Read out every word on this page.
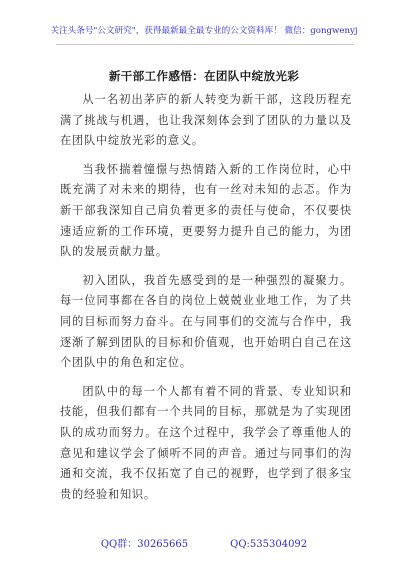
关注头条号"公文研究"，获得最新最全最专业的公文资料库！ 微信：gongwenyj
新干部工作感悟：在团队中绽放光彩

从一名初出茅庐的新人转变为新干部，这段历程充满了挑战与机遇，也让我深刻体会到了团队的力量以及在团队中绽放光彩的意义。

当我怀揣着憧憬与热情踏入新的工作岗位时，心中既充满了对未来的期待，也有一丝对未知的忐忑。作为新干部我深知自己肩负着更多的责任与使命，不仅要快速适应新的工作环境，更要努力提升自己的能力，为团队的发展贡献力量。

初入团队，我首先感受到的是一种强烈的凝聚力。每一位同事都在各自的岗位上兢兢业业地工作，为了共同的目标而努力奋斗。在与同事们的交流与合作中，我逐渐了解到团队的目标和价值观，也开始明白自己在这个团队中的角色和定位。

团队中的每一个人都有着不同的背景、专业知识和技能，但我们都有一个共同的目标，那就是为了实现团队的成功而努力。在这个过程中，我学会了尊重他人的意见和建议学会了倾听不同的声音。通过与同事们的沟通和交流，我不仅拓宽了自己的视野，也学到了很多宝贵的经验和知识。

QQ群：30265665	QQ:535304092
